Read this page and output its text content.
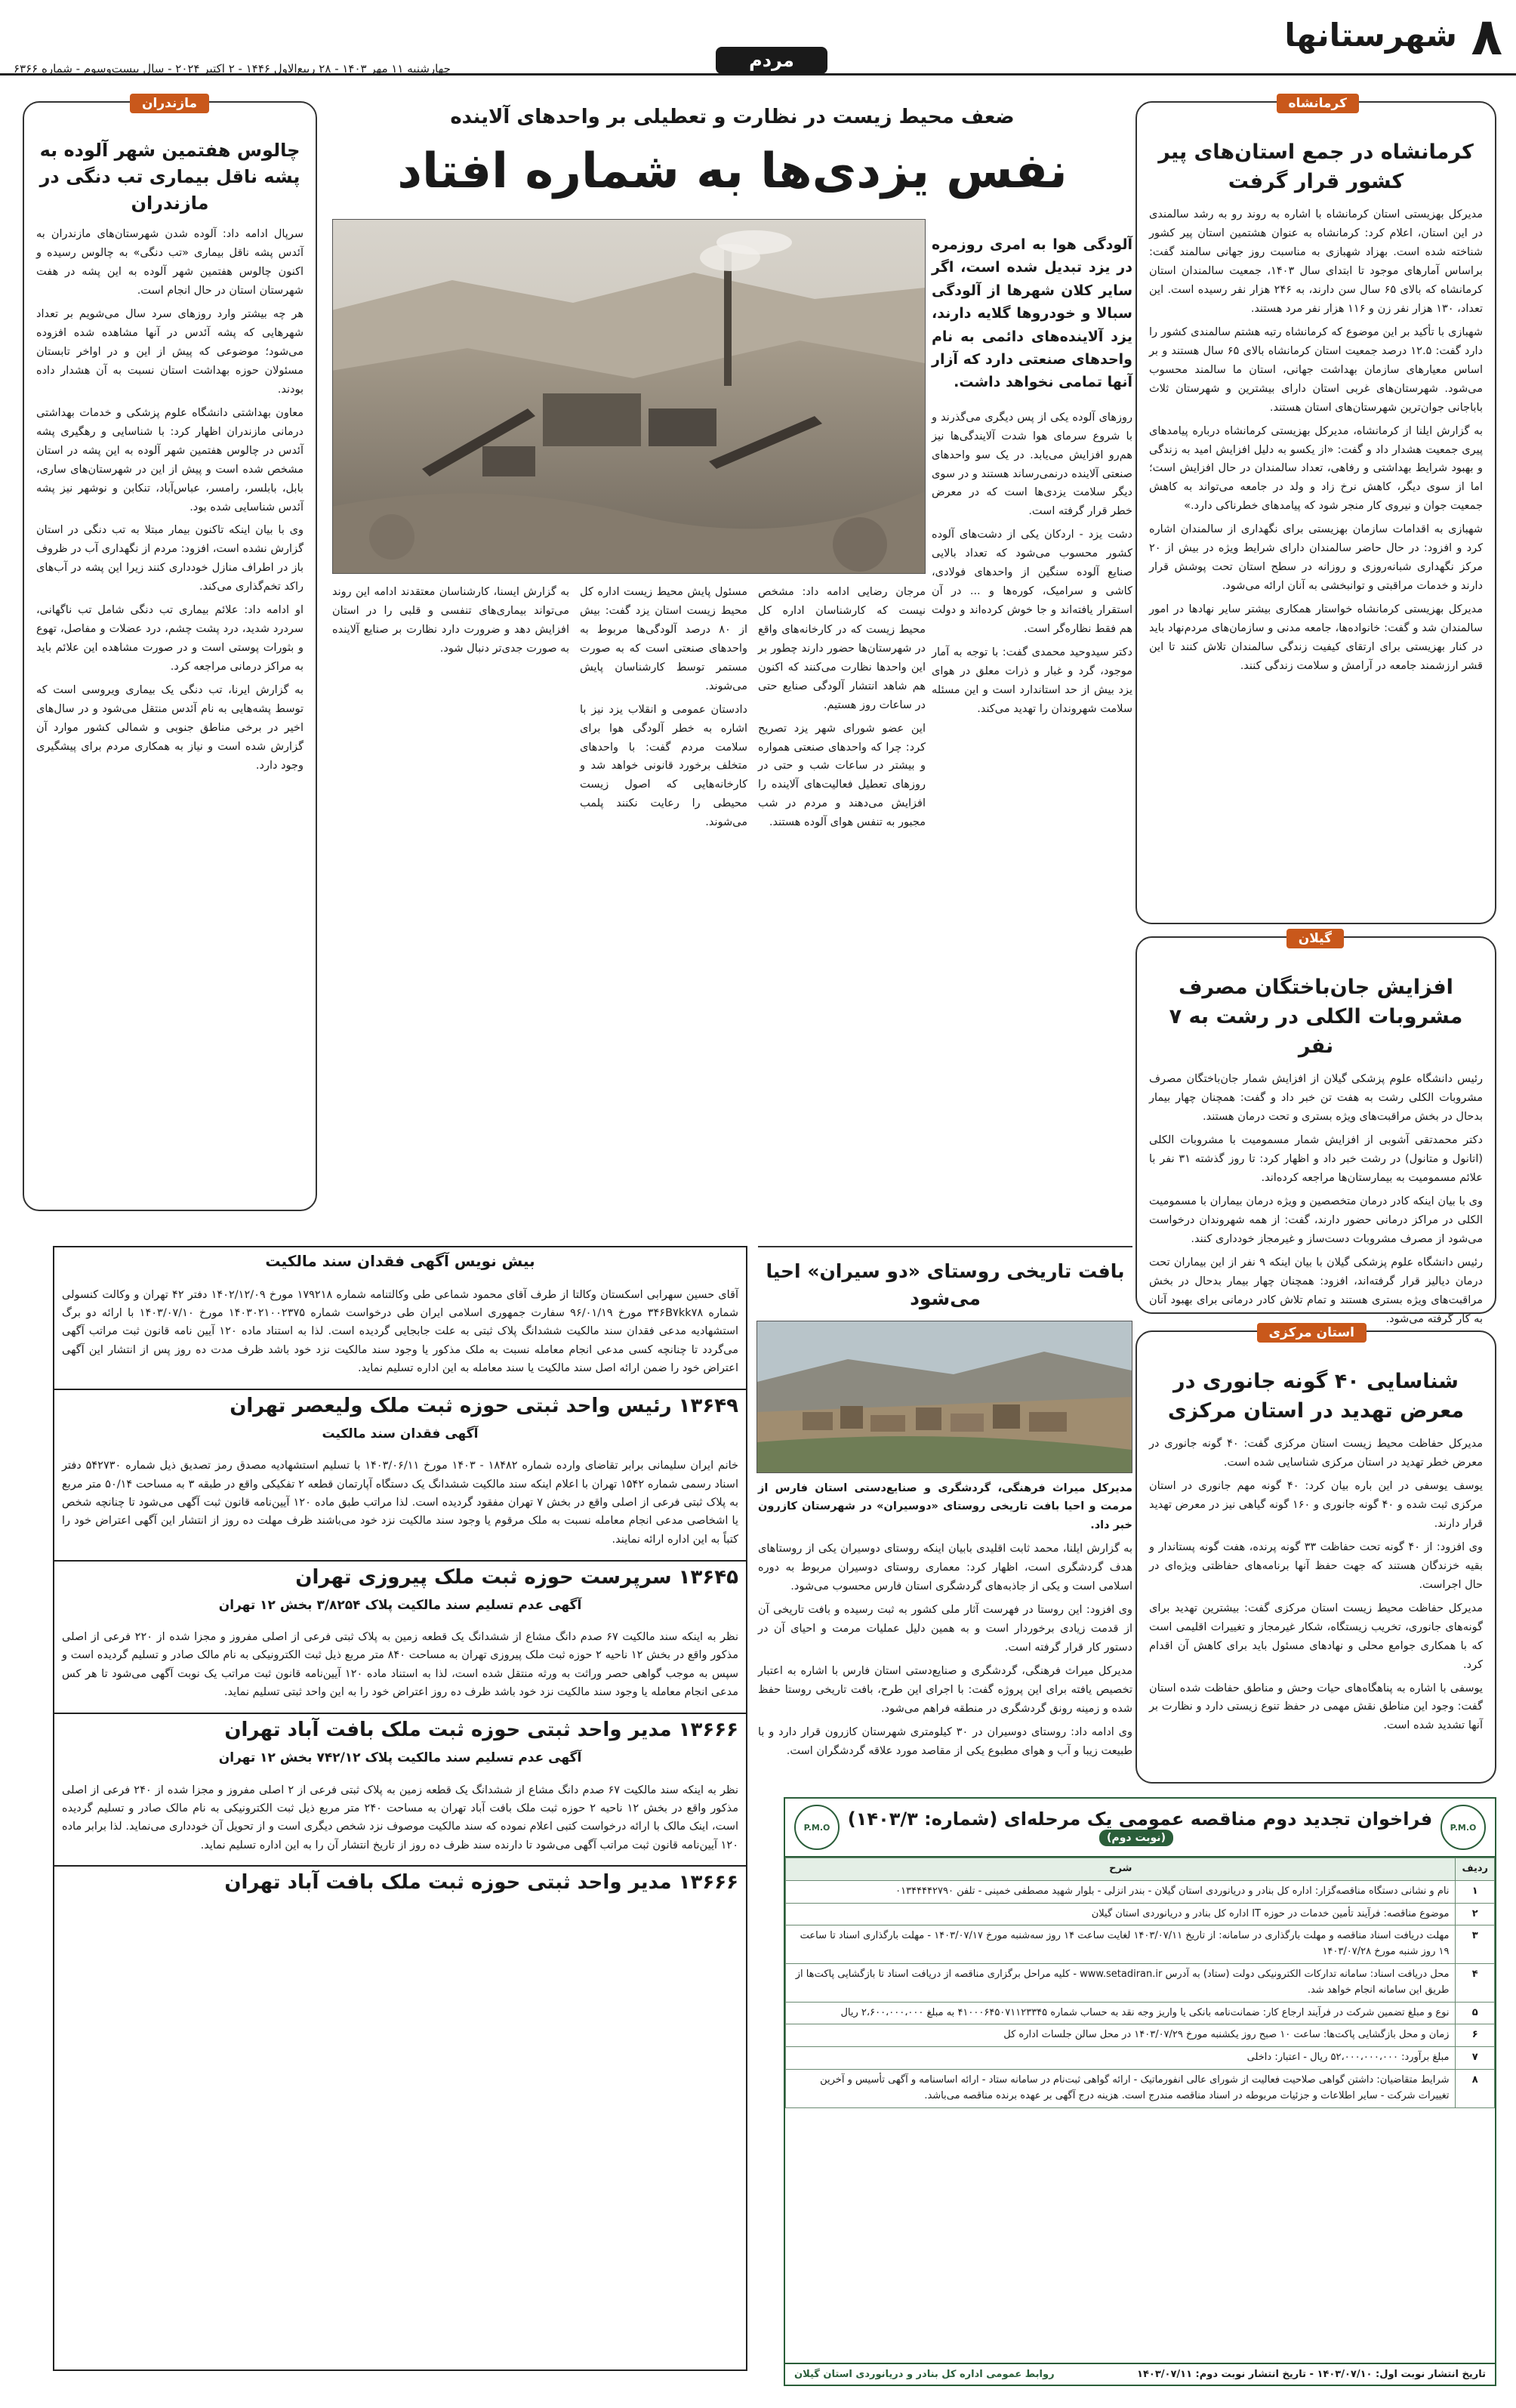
۸
شهرستانها
مردم سالاری
چهارشنبه ۱۱ مهر ۱۴۰۳ - ۲۸ ربیع‌الاول ۱۴۴۶ - ۲ اکتبر ۲۰۲۴ - سال بیست‌وسوم - شماره ۶۳۶۶
کرمانشاه
کرمانشاه در جمع استان‌های پیر کشور قرار گرفت

مدیرکل بهزیستی استان کرمانشاه با اشاره به روند رو به رشد سالمندی در این استان، اعلام کرد: کرمانشاه به عنوان هشتمین استان پیر کشور شناخته شده است. بهزاد شهبازی به مناسبت روز جهانی سالمند گفت: براساس آمارهای موجود تا ابتدای سال ۱۴۰۳، جمعیت سالمندان استان کرمانشاه که بالای ۶۵ سال سن دارند، به ۲۴۶ هزار نفر رسیده است. این تعداد، ۱۳۰ هزار نفر زن و ۱۱۶ هزار نفر مرد هستند.

شهبازی با تأکید بر این موضوع که کرمانشاه رتبه هشتم سالمندی کشور را دارد گفت: ۱۲.۵ درصد جمعیت استان کرمانشاه بالای ۶۵ سال هستند و بر اساس معیارهای سازمان بهداشت جهانی، استان ما سالمند محسوب می‌شود. شهرستان‌های غربی استان دارای بیشترین و شهرستان ثلاث باباجانی جوان‌ترین شهرستان‌های استان هستند.

به گزارش ایلنا از کرمانشاه، مدیرکل بهزیستی کرمانشاه درباره پیامدهای پیری جمعیت هشدار داد و گفت: «از یکسو به دلیل افزایش امید به زندگی و بهبود شرایط بهداشتی و رفاهی، تعداد سالمندان در حال افزایش است؛ اما از سوی دیگر، کاهش نرخ زاد و ولد در جامعه می‌تواند به کاهش جمعیت جوان و نیروی کار منجر شود که پیامدهای خطرناکی دارد.»

شهبازی به اقدامات سازمان بهزیستی برای نگهداری از سالمندان اشاره کرد و افزود: در حال حاضر سالمندان دارای شرایط ویژه در بیش از ۲۰ مرکز نگهداری شبانه‌روزی و روزانه در سطح استان تحت پوشش قرار دارند و خدمات مراقبتی و توانبخشی به آنان ارائه می‌شود.

مدیرکل بهزیستی کرمانشاه خواستار همکاری بیشتر سایر نهادها در امور سالمندان شد و گفت: خانواده‌ها، جامعه مدنی و سازمان‌های مردم‌نهاد باید در کنار بهزیستی برای ارتقای کیفیت زندگی سالمندان تلاش کنند تا این قشر ارزشمند جامعه در آرامش و سلامت زندگی کنند.

گیلان
افزایش جان‌باختگان مصرف مشروبات الکلی در رشت به ۷ نفر

رئیس دانشگاه علوم پزشکی گیلان از افزایش شمار جان‌باختگان مصرف مشروبات الکلی رشت به هفت تن خبر داد و گفت: همچنان چهار بیمار بدحال در بخش مراقبت‌های ویژه بستری و تحت درمان هستند.

دکتر محمدتقی آشوبی از افزایش شمار مسمومیت با مشروبات الکلی (اتانول و متانول) در رشت خبر داد و اظهار کرد: تا روز گذشته ۳۱ نفر با علائم مسمومیت به بیمارستان‌ها مراجعه کرده‌اند.

وی با بیان اینکه کادر درمان متخصصین و ویژه درمان بیماران با مسمومیت الکلی در مراکز درمانی حضور دارند، گفت: از همه شهروندان درخواست می‌شود از مصرف مشروبات دست‌ساز و غیرمجاز خودداری کنند.

رئیس دانشگاه علوم پزشکی گیلان با بیان اینکه ۹ نفر از این بیماران تحت درمان دیالیز قرار گرفته‌اند، افزود: همچنان چهار بیمار بدحال در بخش مراقبت‌های ویژه بستری هستند و تمام تلاش کادر درمانی برای بهبود آنان به کار گرفته می‌شود.

استان مرکزی
شناسایی ۴۰ گونه جانوری در معرض تهدید در استان مرکزی

مدیرکل حفاظت محیط زیست استان مرکزی گفت: ۴۰ گونه جانوری در معرض خطر تهدید در استان مرکزی شناسایی شده است.

یوسف یوسفی در این باره بیان کرد: ۴۰ گونه مهم جانوری در استان مرکزی ثبت شده و ۴۰ گونه جانوری و ۱۶۰ گونه گیاهی نیز در معرض تهدید قرار دارند.

وی افزود: از ۴۰ گونه تحت حفاظت ۳۳ گونه پرنده، هفت گونه پستاندار و بقیه خزندگان هستند که جهت حفظ آنها برنامه‌های حفاظتی ویژه‌ای در حال اجراست.

مدیرکل حفاظت محیط زیست استان مرکزی گفت: بیشترین تهدید برای گونه‌های جانوری، تخریب زیستگاه، شکار غیرمجاز و تغییرات اقلیمی است که با همکاری جوامع محلی و نهادهای مسئول باید برای کاهش آن اقدام کرد.

یوسفی با اشاره به پناهگاه‌های حیات وحش و مناطق حفاظت شده استان گفت: وجود این مناطق نقش مهمی در حفظ تنوع زیستی دارد و نظارت بر آنها تشدید شده است.

مازندران
چالوس هفتمین شهر آلوده به پشه ناقل بیماری تب دنگی در مازندران

سرپال ادامه داد: آلوده شدن شهرستان‌های مازندران به آئدس پشه ناقل بیماری «تب دنگی» به چالوس رسیده و اکنون چالوس هفتمین شهر آلوده به این پشه در هفت شهرستان استان در حال انجام است.

هر چه بیشتر وارد روزهای سرد سال می‌شویم بر تعداد شهرهایی که پشه آئدس در آنها مشاهده شده افزوده می‌شود؛ موضوعی که پیش از این و در اواخر تابستان مسئولان حوزه بهداشت استان نسبت به آن هشدار داده بودند.

معاون بهداشتی دانشگاه علوم پزشکی و خدمات بهداشتی درمانی مازندران اظهار کرد: با شناسایی و رهگیری پشه آئدس در چالوس هفتمین شهر آلوده به این پشه در استان مشخص شده است و پیش از این در شهرستان‌های ساری، بابل، بابلسر، رامسر، عباس‌آباد، تنکابن و نوشهر نیز پشه آئدس شناسایی شده بود.

وی با بیان اینکه تاکنون بیمار مبتلا به تب دنگی در استان گزارش نشده است، افزود: مردم از نگهداری آب در ظروف باز در اطراف منازل خودداری کنند زیرا این پشه در آب‌های راکد تخم‌گذاری می‌کند.

او ادامه داد: علائم بیماری تب دنگی شامل تب ناگهانی، سردرد شدید، درد پشت چشم، درد عضلات و مفاصل، تهوع و بثورات پوستی است و در صورت مشاهده این علائم باید به مراکز درمانی مراجعه کرد.

به گزارش ایرنا، تب دنگی یک بیماری ویروسی است که توسط پشه‌هایی به نام آئدس منتقل می‌شود و در سال‌های اخیر در برخی مناطق جنوبی و شمالی کشور موارد آن گزارش شده است و نیاز به همکاری مردم برای پیشگیری وجود دارد.

ضعف محیط زیست در نظارت و تعطیلی بر واحدهای آلاینده
نفس یزدی‌ها به شماره افتاد

آلودگی هوا به امری روزمره در یزد تبدیل شده است، اگر سایر کلان شهرها از آلودگی سبالا و خودروها گلایه دارند، یزد آلاینده‌های دائمی به نام واحدهای صنعتی دارد که آزار آنها تمامی نخواهد داشت.

روزهای آلوده یکی از پس دیگری می‌گذرند و با شروع سرمای هوا شدت آلایندگی‌ها نیز هم‌رو افزایش می‌یابد. در یک سو واحدهای صنعتی آلاینده درنمی‌رساند هستند و در سوی دیگر سلامت یزدی‌ها است که در معرض خطر قرار گرفته است.

دشت یزد - اردکان یکی از دشت‌های آلوده کشور محسوب می‌شود که تعداد بالایی صنایع آلوده سنگین از واحدهای فولادی، کاشی و سرامیک، کوره‌ها و ... در آن استقرار یافته‌اند و جا خوش کرده‌اند و دولت هم فقط نظاره‌گر است.

دکتر سیدوحید محمدی گفت: با توجه به آمار موجود، گرد و غبار و ذرات معلق در هوای یزد بیش از حد استاندارد است و این مسئله سلامت شهروندان را تهدید می‌کند.

مرجان رضایی ادامه داد: مشخص نیست که کارشناسان اداره کل محیط زیست که در کارخانه‌های واقع در شهرستان‌ها حضور دارند چطور بر این واحدها نظارت می‌کنند که اکنون هم شاهد انتشار آلودگی صنایع حتی در ساعات روز هستیم.

این عضو شورای شهر یزد تصریح کرد: چرا که واحدهای صنعتی همواره و بیشتر در ساعات شب و حتی در روزهای تعطیل فعالیت‌های آلاینده را افزایش می‌دهند و مردم در شب مجبور به تنفس هوای آلوده هستند.

مسئول پایش محیط زیست اداره کل محیط زیست استان یزد گفت: بیش از ۸۰ درصد آلودگی‌ها مربوط به واحدهای صنعتی است که به صورت مستمر توسط کارشناسان پایش می‌شوند.

دادستان عمومی و انقلاب یزد نیز با اشاره به خطر آلودگی هوا برای سلامت مردم گفت: با واحدهای متخلف برخورد قانونی خواهد شد و کارخانه‌هایی که اصول زیست محیطی را رعایت نکنند پلمب می‌شوند.

به گزارش ایسنا، کارشناسان معتقدند ادامه این روند می‌تواند بیماری‌های تنفسی و قلبی را در استان افزایش دهد و ضرورت دارد نظارت بر صنایع آلاینده به صورت جدی‌تر دنبال شود.

بافت تاریخی روستای «دو سیران» احیا می‌شود

مدیرکل میراث فرهنگی، گردشگری و صنایع‌دستی استان فارس از مرمت و احیا بافت تاریخی روستای «دوسیران» در شهرستان کازرون خبر داد.

به گزارش ایلنا، محمد ثابت اقلیدی بابیان اینکه روستای دوسیران یکی از روستاهای هدف گردشگری است، اظهار کرد: معماری روستای دوسیران مربوط به دوره اسلامی است و یکی از جاذبه‌های گردشگری استان فارس محسوب می‌شود.

وی افزود: این روستا در فهرست آثار ملی کشور به ثبت رسیده و بافت تاریخی آن از قدمت زیادی برخوردار است و به همین دلیل عملیات مرمت و احیای آن در دستور کار قرار گرفته است.

مدیرکل میراث فرهنگی، گردشگری و صنایع‌دستی استان فارس با اشاره به اعتبار تخصیص یافته برای این پروژه گفت: با اجرای این طرح، بافت تاریخی روستا حفظ شده و زمینه رونق گردشگری در منطقه فراهم می‌شود.

وی ادامه داد: روستای دوسیران در ۳۰ کیلومتری شهرستان کازرون قرار دارد و با طبیعت زیبا و آب و هوای مطبوع یکی از مقاصد مورد علاقه گردشگران است.

بیش نویس آگهی فقدان سند مالکیت

آقای حسین سهرابی اسکستان وکالتا از طرف آقای محمود شماعی طی وکالتنامه شماره ۱۷۹۲۱۸ مورخ ۱۴۰۲/۱۲/۰۹ دفتر ۴۲ تهران و وکالت کنسولی شماره ۳۴۶B۷kk۷۸ مورخ ۹۶/۰۱/۱۹ سفارت جمهوری اسلامی ایران طی درخواست شماره ۱۴۰۳۰۲۱۰۰۲۳۷۵ مورخ ۱۴۰۳/۰۷/۱۰ با ارائه دو برگ استشهادیه مدعی فقدان سند مالکیت ششدانگ پلاک ثبتی به علت جابجایی گردیده است. لذا به استناد ماده ۱۲۰ آیین نامه قانون ثبت مراتب آگهی می‌گردد تا چنانچه کسی مدعی انجام معامله نسبت به ملک مذکور یا وجود سند مالکیت نزد خود باشد ظرف مدت ده روز پس از انتشار این آگهی اعتراض خود را ضمن ارائه اصل سند مالکیت یا سند معامله به این اداره تسلیم نماید.

۱۳۶۴۹ رئیس واحد ثبتی حوزه ثبت ملک ولیعصر تهران
آگهی فقدان سند مالکیت

خانم ایران سلیمانی برابر تقاضای وارده شماره ۱۸۴۸۲ - ۱۴۰۳ مورخ ۱۴۰۳/۰۶/۱۱ با تسلیم استشهادیه مصدق رمز تصدیق ذیل شماره ۵۴۲۷۳۰ دفتر اسناد رسمی شماره ۱۵۴۲ تهران با اعلام اینکه سند مالکیت ششدانگ یک دستگاه آپارتمان قطعه ۲ تفکیکی واقع در طبقه ۳ به مساحت ۵۰/۱۴ متر مربع به پلاک ثبتی فرعی از اصلی واقع در بخش ۷ تهران مفقود گردیده است. لذا مراتب طبق ماده ۱۲۰ آیین‌نامه قانون ثبت آگهی می‌شود تا چنانچه شخص یا اشخاصی مدعی انجام معامله نسبت به ملک مرقوم یا وجود سند مالکیت نزد خود می‌باشند ظرف مهلت ده روز از انتشار این آگهی اعتراض خود را کتباً به این اداره ارائه نمایند.

۱۳۶۴۵ سرپرست حوزه ثبت ملک پیروزی تهران
آگهی عدم تسلیم سند مالکیت پلاک ۳/۸۲۵۴ بخش ۱۲ تهران

نظر به اینکه سند مالکیت ۶۷ صدم دانگ مشاع از ششدانگ یک قطعه زمین به پلاک ثبتی فرعی از اصلی مفروز و مجزا شده از ۲۲۰ فرعی از اصلی مذکور واقع در بخش ۱۲ ناحیه ۲ حوزه ثبت ملک پیروزی تهران به مساحت ۸۴۰ متر مربع ذیل ثبت الکترونیکی به نام مالک صادر و تسلیم گردیده است و سپس به موجب گواهی حصر وراثت به ورثه منتقل شده است، لذا به استناد ماده ۱۲۰ آیین‌نامه قانون ثبت مراتب یک نوبت آگهی می‌شود تا هر کس مدعی انجام معامله یا وجود سند مالکیت نزد خود باشد ظرف ده روز اعتراض خود را به این واحد ثبتی تسلیم نماید.

۱۳۶۶۶ مدیر واحد ثبتی حوزه ثبت ملک بافت آباد تهران
آگهی عدم تسلیم سند مالکیت پلاک ۷۴۲/۱۲ بخش ۱۲ تهران

نظر به اینکه سند مالکیت ۶۷ صدم دانگ مشاع از ششدانگ یک قطعه زمین به پلاک ثبتی فرعی از ۲ اصلی مفروز و مجزا شده از ۲۴۰ فرعی از اصلی مذکور واقع در بخش ۱۲ ناحیه ۲ حوزه ثبت ملک بافت آباد تهران به مساحت ۲۴۰ متر مربع ذیل ثبت الکترونیکی به نام مالک صادر و تسلیم گردیده است، اینک مالک با ارائه درخواست کتبی اعلام نموده که سند مالکیت موصوف نزد شخص دیگری است و از تحویل آن خودداری می‌نماید. لذا برابر ماده ۱۲۰ آیین‌نامه قانون ثبت مراتب آگهی می‌شود تا دارنده سند ظرف ده روز از تاریخ انتشار آن را به این اداره تسلیم نماید.

۱۳۶۶۶ مدیر واحد ثبتی حوزه ثبت ملک بافت آباد تهران
P.M.O
فراخوان تجدید دوم مناقصه عمومی یک مرحله‌ای (شماره: ۱۴۰۳/۳) (نوبت دوم)
P.M.O
ردیف	شرح
۱	نام و نشانی دستگاه مناقصه‌گزار: اداره کل بنادر و دریانوردی استان گیلان - بندر انزلی - بلوار شهید مصطفی خمینی - تلفن ۰۱۳۴۴۴۴۲۷۹۰
۲	موضوع مناقصه: فرآیند تأمین خدمات در حوزه IT اداره کل بنادر و دریانوردی استان گیلان
۳	مهلت دریافت اسناد مناقصه و مهلت بارگذاری در سامانه: از تاریخ ۱۴۰۳/۰۷/۱۱ لغایت ساعت ۱۴ روز سه‌شنبه مورخ ۱۴۰۳/۰۷/۱۷ - مهلت بارگذاری اسناد تا ساعت ۱۹ روز شنبه مورخ ۱۴۰۳/۰۷/۲۸
۴	محل دریافت اسناد: سامانه تدارکات الکترونیکی دولت (ستاد) به آدرس www.setadiran.ir - کلیه مراحل برگزاری مناقصه از دریافت اسناد تا بازگشایی پاکت‌ها از طریق این سامانه انجام خواهد شد.
۵	نوع و مبلغ تضمین شرکت در فرآیند ارجاع کار: ضمانت‌نامه بانکی یا واریز وجه نقد به حساب شماره ۴۱۰۰۰۶۴۵۰۷۱۱۲۳۳۴۵ به مبلغ ۲،۶۰۰،۰۰۰،۰۰۰ ریال
۶	زمان و محل بازگشایی پاکت‌ها: ساعت ۱۰ صبح روز یکشنبه مورخ ۱۴۰۳/۰۷/۲۹ در محل سالن جلسات اداره کل
۷	مبلغ برآورد: ۵۲،۰۰۰،۰۰۰،۰۰۰ ریال - اعتبار: داخلی
۸	شرایط متقاضیان: داشتن گواهی صلاحیت فعالیت از شورای عالی انفورماتیک - ارائه گواهی ثبت‌نام در سامانه ستاد - ارائه اساسنامه و آگهی تأسیس و آخرین تغییرات شرکت - سایر اطلاعات و جزئیات مربوطه در اسناد مناقصه مندرج است. هزینه درج آگهی بر عهده برنده مناقصه می‌باشد.
تاریخ انتشار نوبت اول: ۱۴۰۳/۰۷/۱۰ - تاریخ انتشار نوبت دوم: ۱۴۰۳/۰۷/۱۱
روابط عمومی اداره کل بنادر و دریانوردی استان گیلان
